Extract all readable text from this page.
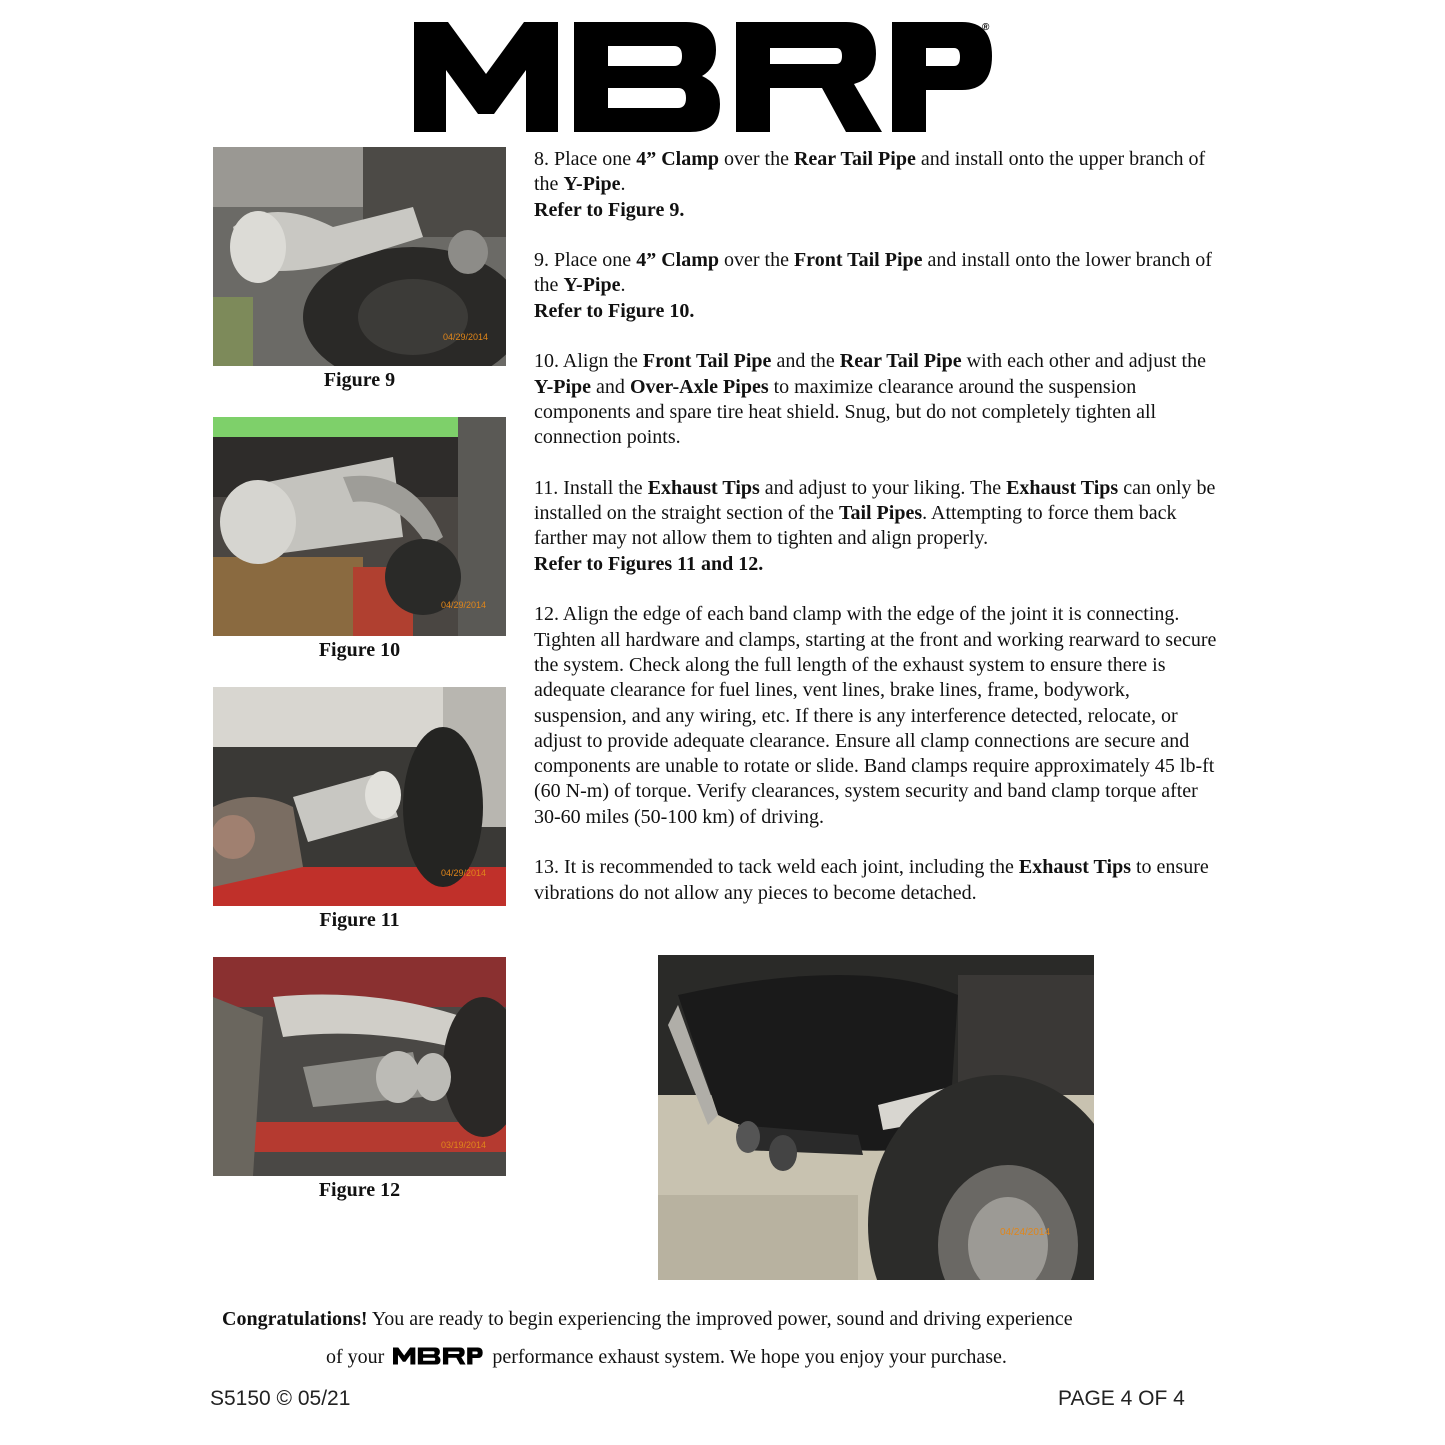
®
04/29/2014
Figure 9
04/29/2014
Figure 10
04/29/2014
Figure 11
03/19/2014
Figure 12

8. Place one 4” Clamp over the Rear Tail Pipe and install onto the upper branch of the Y-Pipe.
Refer to Figure 9.

9. Place one 4” Clamp over the Front Tail Pipe and install onto the lower branch of the Y-Pipe.
Refer to Figure 10.

10. Align the Front Tail Pipe and the Rear Tail Pipe with each other and adjust the Y-Pipe and Over-Axle Pipes to maximize clearance around the suspension components and spare tire heat shield. Snug, but do not completely tighten all connection points.

11. Install the Exhaust Tips and adjust to your liking. The Exhaust Tips can only be installed on the straight section of the Tail Pipes. Attempting to force them back farther may not allow them to tighten and align properly.
Refer to Figures 11 and 12.

12. Align the edge of each band clamp with the edge of the joint it is connecting. Tighten all hardware and clamps, starting at the front and working rearward to secure the system. Check along the full length of the exhaust system to ensure there is adequate clearance for fuel lines, vent lines, brake lines, frame, bodywork, suspension, and any wiring, etc. If there is any interference detected, relocate, or adjust to provide adequate clearance. Ensure all clamp connections are secure and components are unable to rotate or slide. Band clamps require approximately 45 lb-ft (60 N-m) of torque. Verify clearances, system security and band clamp torque after 30-60 miles (50-100 km) of driving.

13. It is recommended to tack weld each joint, including the Exhaust Tips to ensure vibrations do not allow any pieces to become detached.

04/24/2014
Congratulations! You are ready to begin experiencing the improved power, sound and driving experience
of your	performance exhaust system. We hope you enjoy your purchase.
S5150 © 05/21	PAGE 4 OF 4
